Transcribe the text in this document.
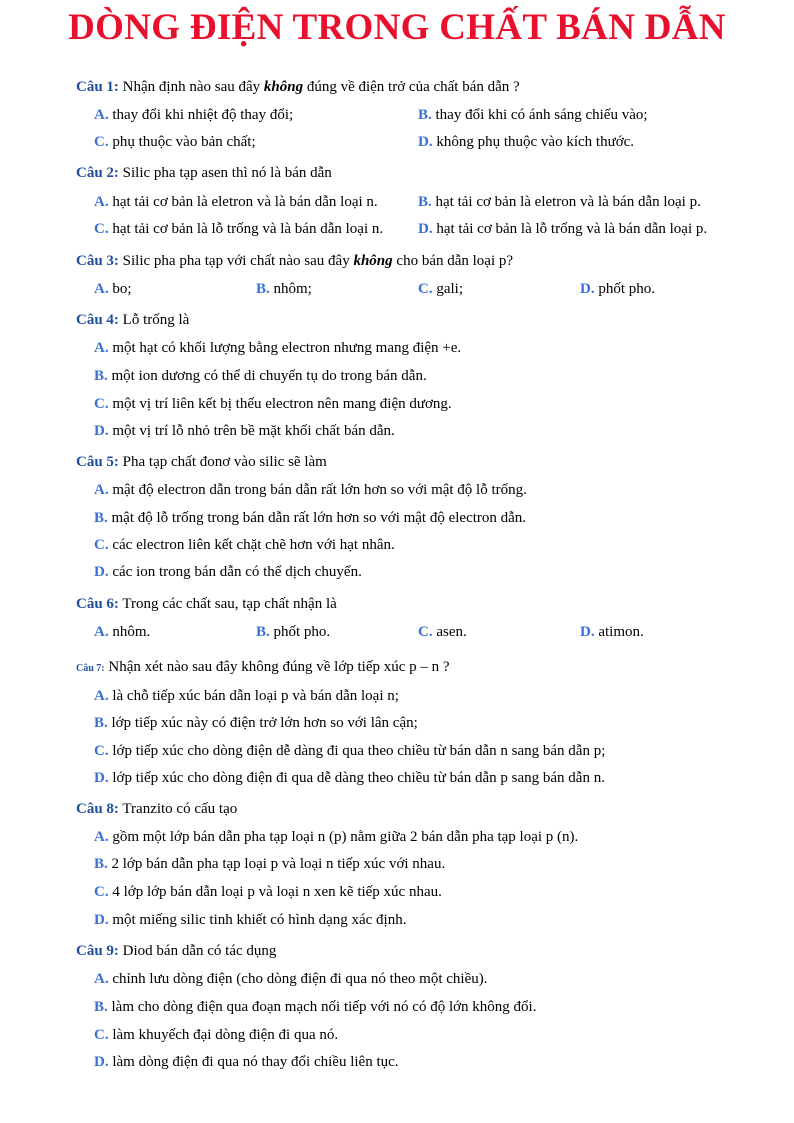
DÒNG ĐIỆN TRONG CHẤT BÁN DẪN
Câu 1: Nhận định nào sau đây không đúng về điện trở của chất bán dẫn ?
A. thay đổi khi nhiệt độ thay đổi;	B. thay đổi khi có ánh sáng chiếu vào;
C. phụ thuộc vào bản chất;	D. không phụ thuộc vào kích thước.
Câu 2: Silic pha tạp asen thì nó là bán dẫn
A. hạt tải cơ bản là eletron và là bán dẫn loại n.	B. hạt tải cơ bản là eletron và là bán dẫn loại p.
C. hạt tải cơ bản là lỗ trống và là bán dẫn loại n. D. hạt tải cơ bản là lỗ trống và là bán dẫn loại p.
Câu 3: Silic pha pha tạp với chất nào sau đây không cho bán dẫn loại p?
A. bo;	B. nhôm;	C. gali;	D. phốt pho.
Câu 4: Lỗ trống là
A. một hạt có khối lượng bằng electron nhưng mang điện +e.
B. một ion dương có thể di chuyển tụ do trong bán dẫn.
C. một vị trí liên kết bị thếu electron nên mang điện dương.
D. một vị trí lỗ nhỏ trên bề mặt khối chất bán dẫn.
Câu 5: Pha tạp chất đonơ vào silic sẽ làm
A. mật độ electron dẫn trong bán dẫn rất lớn hơn so với mật độ lỗ trống.
B. mật độ lỗ trống trong bán dẫn rất lớn hơn so với mật độ electron dẫn.
C. các electron liên kết chặt chẽ hơn với hạt nhân.
D. các ion trong bán dẫn có thể dịch chuyển.
Câu 6: Trong các chất sau, tạp chất nhận là
A. nhôm.	B. phốt pho.	C. asen.	D. atimon.
Câu 7: Nhận xét nào sau đây không đúng về lớp tiếp xúc p – n ?
A. là chỗ tiếp xúc bán dẫn loại p và bán dẫn loại n;
B. lớp tiếp xúc này có điện trở lớn hơn so với lân cận;
C. lớp tiếp xúc cho dòng điện dễ dàng đi qua theo chiều từ bán dẫn n sang bán dẫn p;
D. lớp tiếp xúc cho dòng điện đi qua dễ dàng theo chiều từ bán dẫn p sang bán dẫn n.
Câu 8: Tranzito có cấu tạo
A. gồm một lớp bán dẫn pha tạp loại n (p) nằm giữa 2 bán dẫn pha tạp loại p (n).
B. 2 lớp bán dẫn pha tạp loại p và loại n tiếp xúc với nhau.
C. 4 lớp lớp bán dẫn loại p và loại n xen kẽ tiếp xúc nhau.
D. một miếng silic tinh khiết có hình dạng xác định.
Câu 9: Diod bán dẫn có tác dụng
A. chỉnh lưu dòng điện (cho dòng điện đi qua nó theo một chiều).
B. làm cho dòng điện qua đoạn mạch nối tiếp với nó có độ lớn không đổi.
C. làm khuyếch đại dòng điện đi qua nó.
D. làm dòng điện đi qua nó thay đổi chiều liên tục.
